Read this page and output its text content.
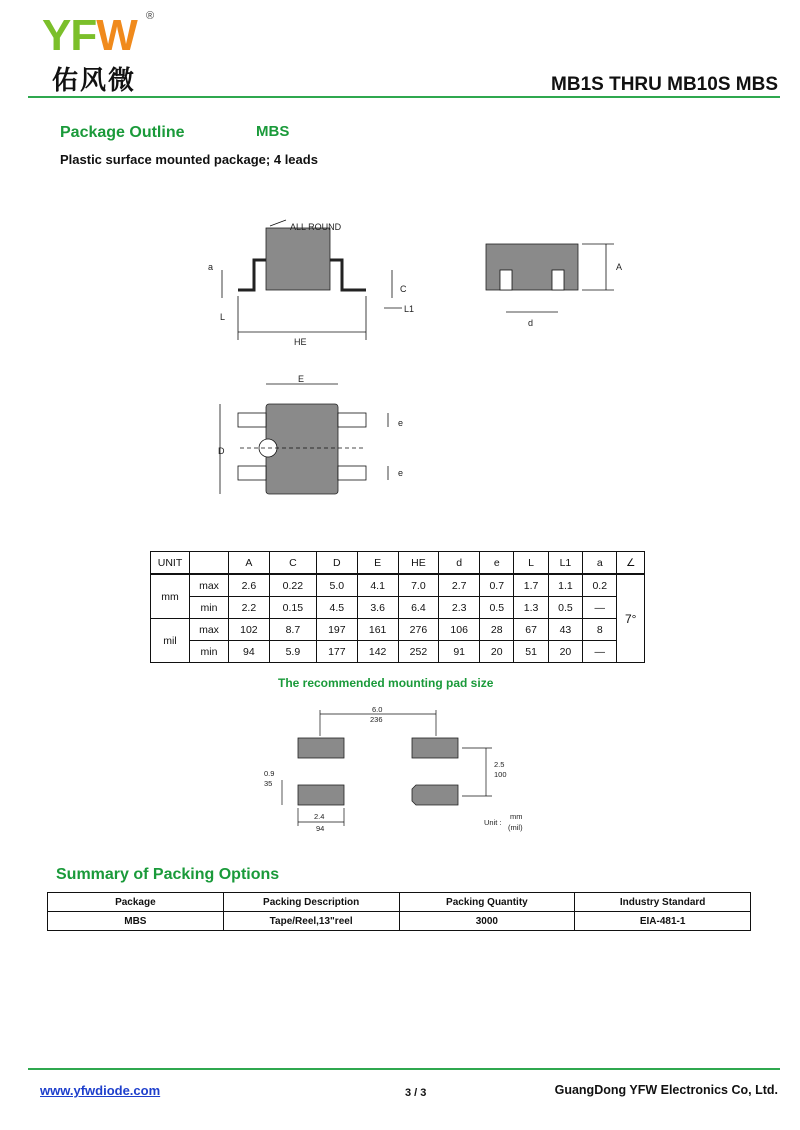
YFW ®
佑风微	MB1S THRU MB10S MBS
Package Outline	MBS
Plastic surface mounted package; 4 leads
ALL ROUND
a
L
HE
C
L1
A
d
E
D
e
e
UNIT		A	C	D	E	HE	d	e	L	L1	a	∠
mm	max	2.6	0.22	5.0	4.1	7.0	2.7	0.7	1.7	1.1	0.2	7°
	min	2.2	0.15	4.5	3.6	6.4	2.3	0.5	1.3	0.5	—	
mil	max	102	8.7	197	161	276	106	28	67	43	8	
	min	94	5.9	177	142	252	91	20	51	20	—	
The recommended mounting pad size
6.0
236
2.5
100
0.9
35
2.4
94
Unit :
mm
(mil)
Summary of Packing Options
Package	Packing Description	Packing Quantity	Industry Standard
MBS	Tape/Reel,13"reel	3000	EIA-481-1
www.yfwdiode.com	3 / 3	GuangDong YFW Electronics Co, Ltd.
